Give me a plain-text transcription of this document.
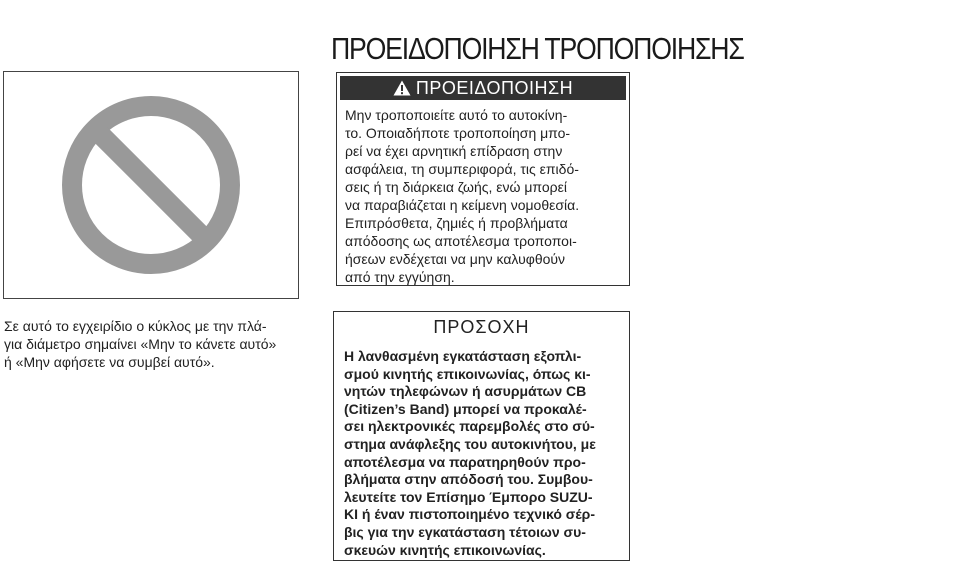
ΠΡΟΕΙΔΟΠΟΙΗΣΗ ΤΡΟΠΟΠΟΙΗΣΗΣ
Σε αυτό το εγχειρίδιο ο κύκλος με την πλά-
για διάμετρο σημαίνει «Μην το κάνετε αυτό»
ή «Μην αφήσετε να συμβεί αυτό».
ΠΡΟΕΙΔΟΠΟΙΗΣΗ
Μην τροποποιείτε αυτό το αυτοκίνη-
το. Οποιαδήποτε τροποποίηση μπο-
ρεί να έχει αρνητική επίδραση στην
ασφάλεια, τη συμπεριφορά, τις επιδό-
σεις ή τη διάρκεια ζωής, ενώ μπορεί
να παραβιάζεται η κείμενη νομοθεσία.
Επιπρόσθετα, ζημιές ή προβλήματα
απόδοσης ως αποτέλεσμα τροποποι-
ήσεων ενδέχεται να μην καλυφθούν
από την εγγύηση.
ΠΡΟΣΟΧΗ
Η λανθασμένη εγκατάσταση εξοπλι-
σμού κινητής επικοινωνίας, όπως κι-
νητών τηλεφώνων ή ασυρμάτων CB
(Citizen’s Band) μπορεί να προκαλέ-
σει ηλεκτρονικές παρεμβολές στο σύ-
στημα ανάφλεξης του αυτοκινήτου, με
αποτέλεσμα να παρατηρηθούν προ-
βλήματα στην απόδοσή του. Συμβου-
λευτείτε τον Επίσημο Έμπορο SUZU-
KI ή έναν πιστοποιημένο τεχνικό σέρ-
βις για την εγκατάσταση τέτοιων συ-
σκευών κινητής επικοινωνίας.
